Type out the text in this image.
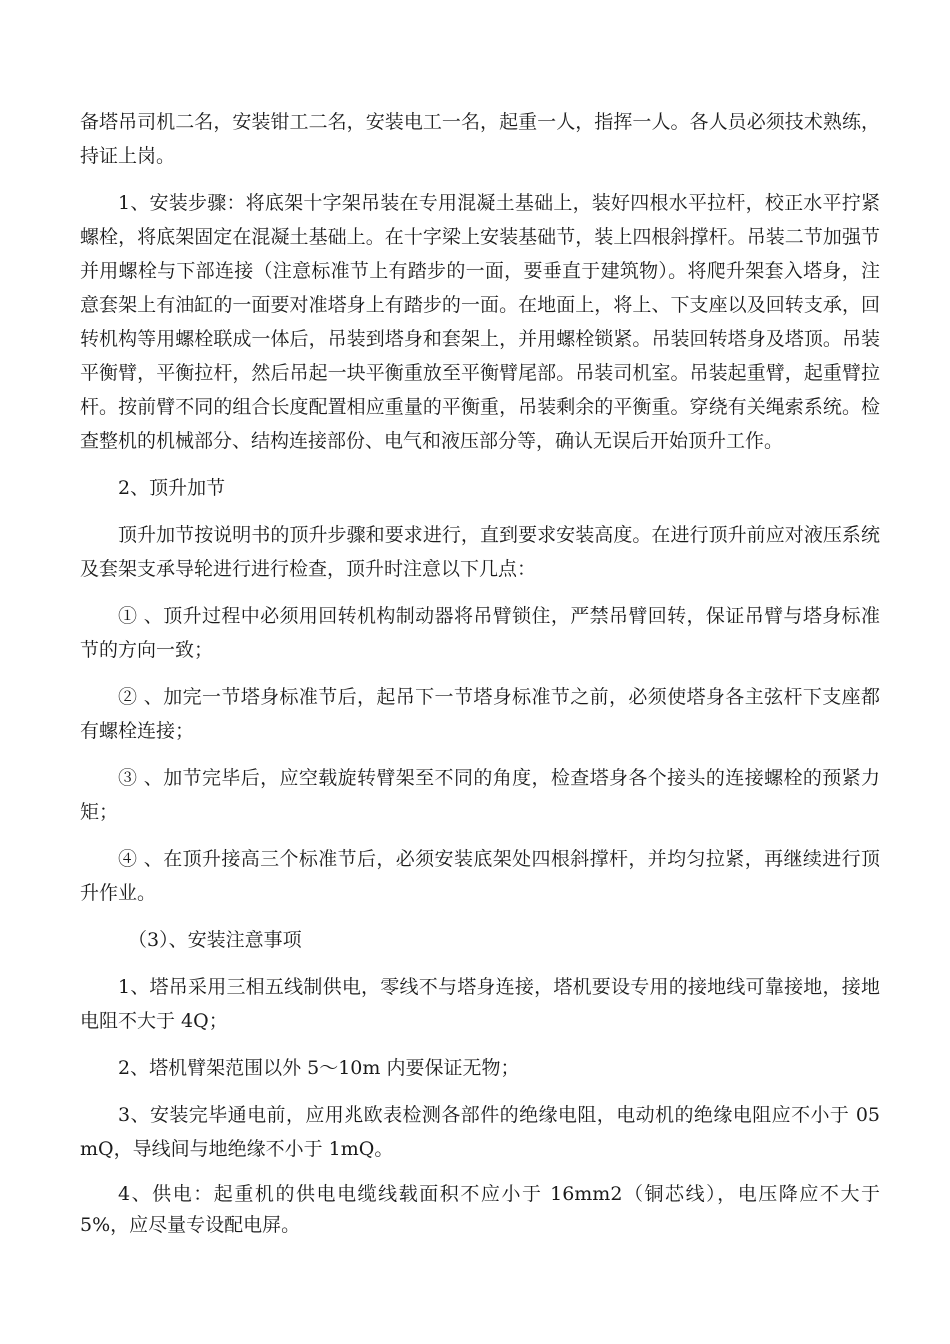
备塔吊司机二名，安装钳工二名，安装电工一名，起重一人，指挥一人。各人员必须技术熟练，持证上岗。

1、安装步骤：将底架十字架吊装在专用混凝土基础上，装好四根水平拉杆，校正水平拧紧螺栓，将底架固定在混凝土基础上。在十字梁上安装基础节，装上四根斜撑杆。吊装二节加强节并用螺栓与下部连接（注意标准节上有踏步的一面，要垂直于建筑物）。将爬升架套入塔身，注意套架上有油缸的一面要对准塔身上有踏步的一面。在地面上，将上、下支座以及回转支承，回转机构等用螺栓联成一体后，吊装到塔身和套架上，并用螺栓锁紧。吊装回转塔身及塔顶。吊装平衡臂，平衡拉杆，然后吊起一块平衡重放至平衡臂尾部。吊装司机室。吊装起重臂，起重臂拉杆。按前臂不同的组合长度配置相应重量的平衡重，吊装剩余的平衡重。穿绕有关绳索系统。检查整机的机械部分、结构连接部份、电气和液压部分等，确认无误后开始顶升工作。

2、顶升加节

顶升加节按说明书的顶升步骤和要求进行，直到要求安装高度。在进行顶升前应对液压系统及套架支承导轮进行进行检查，顶升时注意以下几点：

① 、顶升过程中必须用回转机构制动器将吊臂锁住，严禁吊臂回转，保证吊臂与塔身标准节的方向一致；

② 、加完一节塔身标准节后，起吊下一节塔身标准节之前，必须使塔身各主弦杆下支座都有螺栓连接；

③ 、加节完毕后，应空载旋转臂架至不同的角度，检查塔身各个接头的连接螺栓的预紧力矩；

④ 、在顶升接高三个标准节后，必须安装底架处四根斜撑杆，并均匀拉紧，再继续进行顶升作业。

（3）、安装注意事项

1、塔吊采用三相五线制供电，零线不与塔身连接，塔机要设专用的接地线可靠接地，接地电阻不大于 4Q；

2、塔机臂架范围以外 5～10m 内要保证无物；

3、安装完毕通电前，应用兆欧表检测各部件的绝缘电阻，电动机的绝缘电阻应不小于 05mQ，导线间与地绝缘不小于 1mQ。

4、供电：起重机的供电电缆线载面积不应小于 16mm2（铜芯线），电压降应不大于 5%，应尽量专设配电屏。
